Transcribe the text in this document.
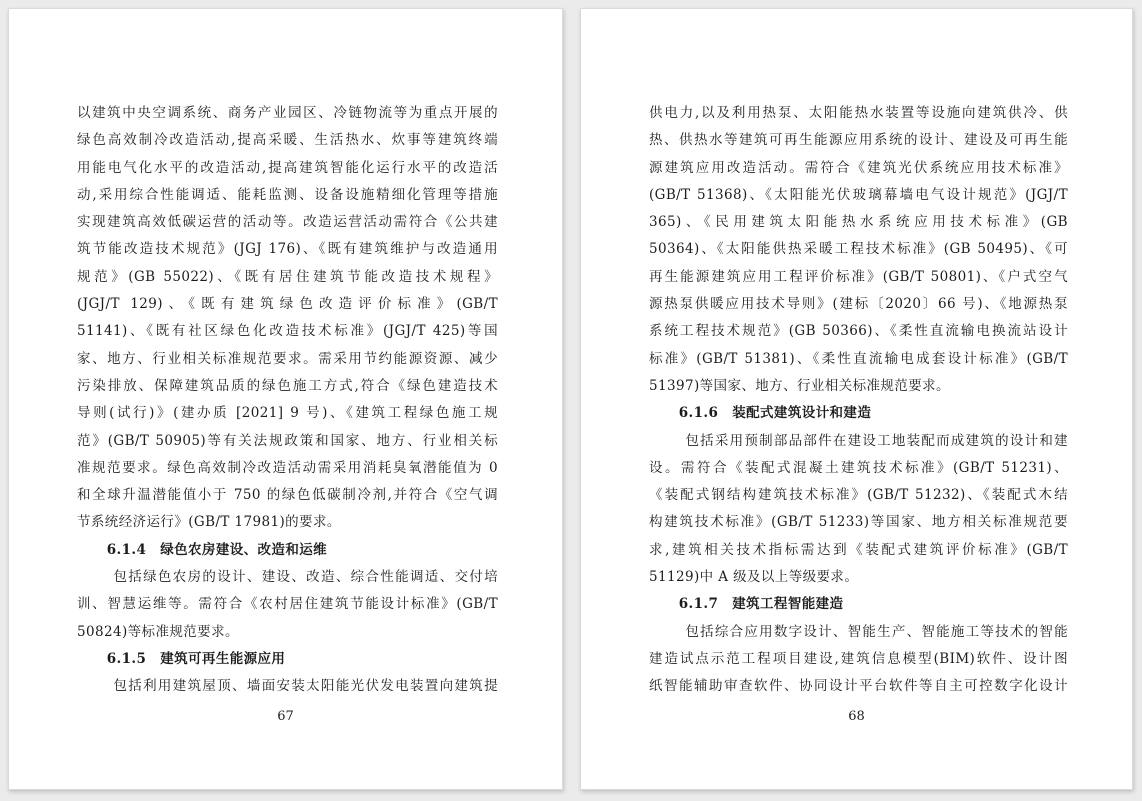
以建筑中央空调系统、商务产业园区、冷链物流等为重点开展的
绿色高效制冷改造活动,提高采暖、生活热水、炊事等建筑终端
用能电气化水平的改造活动,提高建筑智能化运行水平的改造活
动,采用综合性能调适、能耗监测、设备设施精细化管理等措施
实现建筑高效低碳运营的活动等。改造运营活动需符合《公共建
筑节能改造技术规范》(JGJ 176)、《既有建筑维护与改造通用
规范》(GB 55022)、《既有居住建筑节能改造技术规程》
(JGJ/T 129)、《既有建筑绿色改造评价标准》(GB/T
51141)、《既有社区绿色化改造技术标准》(JGJ/T 425)等国
家、地方、行业相关标准规范要求。需采用节约能源资源、减少
污染排放、保障建筑品质的绿色施工方式,符合《绿色建造技术
导则(试行)》(建办质 [2021] 9 号)、《建筑工程绿色施工规
范》(GB/T 50905)等有关法规政策和国家、地方、行业相关标
准规范要求。绿色高效制冷改造活动需采用消耗臭氧潜能值为 0
和全球升温潜能值小于 750 的绿色低碳制冷剂,并符合《空气调
节系统经济运行》(GB/T 17981)的要求。
6.1.4　绿色农房建设、改造和运维
包括绿色农房的设计、建设、改造、综合性能调适、交付培
训、智慧运维等。需符合《农村居住建筑节能设计标准》(GB/T
50824)等标准规范要求。
6.1.5　建筑可再生能源应用
包括利用建筑屋顶、墙面安装太阳能光伏发电装置向建筑提
67
供电力,以及利用热泵、太阳能热水装置等设施向建筑供冷、供
热、供热水等建筑可再生能源应用系统的设计、建设及可再生能
源建筑应用改造活动。需符合《建筑光伏系统应用技术标准》
(GB/T 51368)、《太阳能光伏玻璃幕墙电气设计规范》(JGJ/T
365)、《民用建筑太阳能热水系统应用技术标准》(GB
50364)、《太阳能供热采暖工程技术标准》(GB 50495)、《可
再生能源建筑应用工程评价标准》(GB/T 50801)、《户式空气
源热泵供暖应用技术导则》(建标〔2020〕66 号)、《地源热泵
系统工程技术规范》(GB 50366)、《柔性直流输电换流站设计
标准》(GB/T 51381)、《柔性直流输电成套设计标准》(GB/T
51397)等国家、地方、行业相关标准规范要求。
6.1.6　装配式建筑设计和建造
包括采用预制部品部件在建设工地装配而成建筑的设计和建
设。需符合《装配式混凝土建筑技术标准》(GB/T 51231)、
《装配式钢结构建筑技术标准》(GB/T 51232)、《装配式木结
构建筑技术标准》(GB/T 51233)等国家、地方相关标准规范要
求,建筑相关技术指标需达到《装配式建筑评价标准》(GB/T
51129)中 A 级及以上等级要求。
6.1.7　建筑工程智能建造
包括综合应用数字设计、智能生产、智能施工等技术的智能
建造试点示范工程项目建设,建筑信息模型(BIM)软件、设计图
纸智能辅助审查软件、协同设计平台软件等自主可控数字化设计
68
